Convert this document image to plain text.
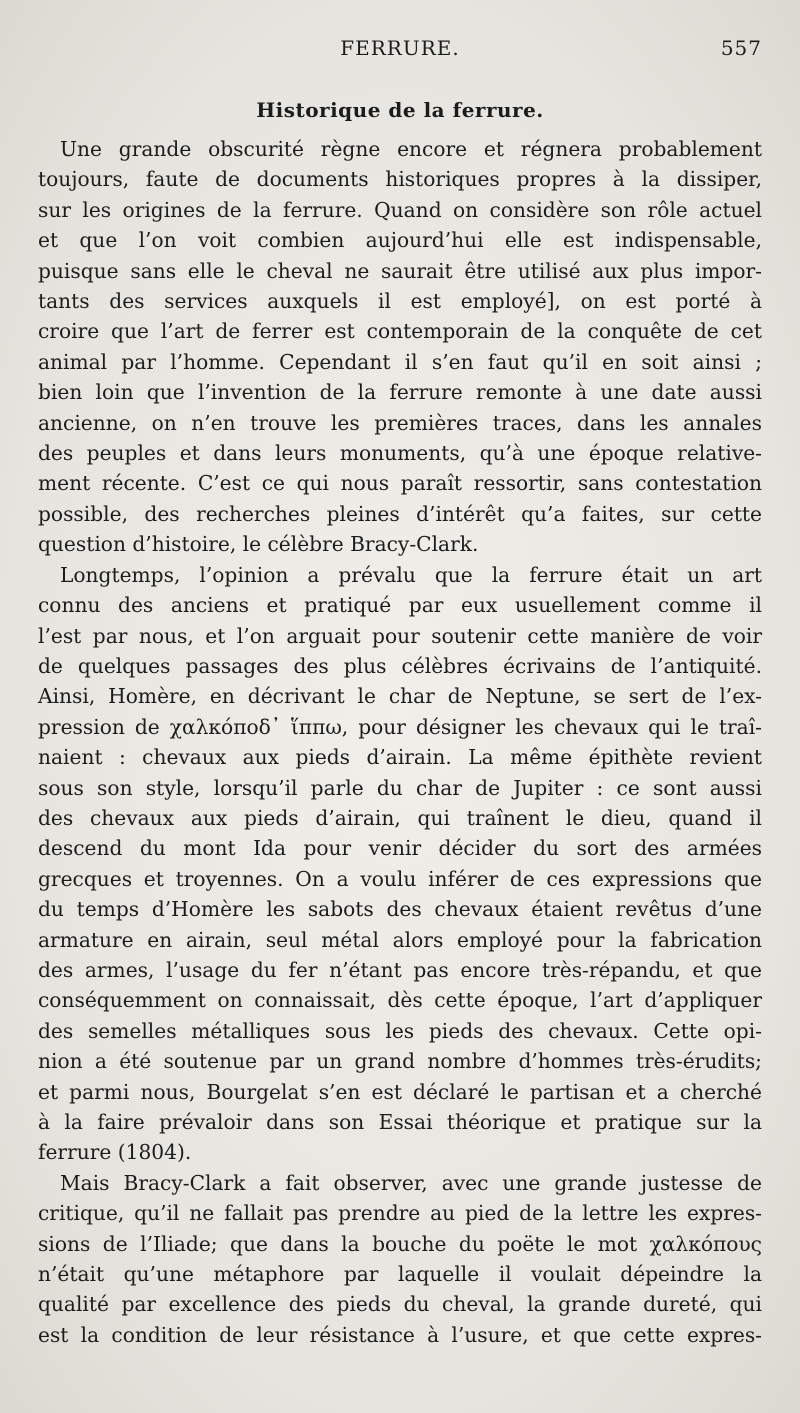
FERRURE.	557
Historique de la ferrure.

Une grande obscurité règne encore et régnera probablement

toujours, faute de documents historiques propres à la dissiper,

sur les origines de la ferrure. Quand on considère son rôle actuel

et que l’on voit combien aujourd’hui elle est indispensable,

puisque sans elle le cheval ne saurait être utilisé aux plus impor-

tants des services auxquels il est employé], on est porté à

croire que l’art de ferrer est contemporain de la conquête de cet

animal par l’homme. Cependant il s’en faut qu’il en soit ainsi ;

bien loin que l’invention de la ferrure remonte à une date aussi

ancienne, on n’en trouve les premières traces, dans les annales

des peuples et dans leurs monuments, qu’à une époque relative-

ment récente. C’est ce qui nous paraît ressortir, sans contestation

possible, des recherches pleines d’intérêt qu’a faites, sur cette

question d’histoire, le célèbre Bracy-Clark.

Longtemps, l’opinion a prévalu que la ferrure était un art

connu des anciens et pratiqué par eux usuellement comme il

l’est par nous, et l’on arguait pour soutenir cette manière de voir

de quelques passages des plus célèbres écrivains de l’antiquité.

Ainsi, Homère, en décrivant le char de Neptune, se sert de l’ex-

pression de χαλκόποδ᾽ ἵππω, pour désigner les chevaux qui le traî-

naient : chevaux aux pieds d’airain. La même épithète revient

sous son style, lorsqu’il parle du char de Jupiter : ce sont aussi

des chevaux aux pieds d’airain, qui traînent le dieu, quand il

descend du mont Ida pour venir décider du sort des armées

grecques et troyennes. On a voulu inférer de ces expressions que

du temps d’Homère les sabots des chevaux étaient revêtus d’une

armature en airain, seul métal alors employé pour la fabrication

des armes, l’usage du fer n’étant pas encore très-répandu, et que

conséquemment on connaissait, dès cette époque, l’art d’appliquer

des semelles métalliques sous les pieds des chevaux. Cette opi-

nion a été soutenue par un grand nombre d’hommes très-érudits;

et parmi nous, Bourgelat s’en est déclaré le partisan et a cherché

à la faire prévaloir dans son Essai théorique et pratique sur la

ferrure (1804).

Mais Bracy-Clark a fait observer, avec une grande justesse de

critique, qu’il ne fallait pas prendre au pied de la lettre les expres-

sions de l’Iliade; que dans la bouche du poëte le mot χαλκόπους

n’était qu’une métaphore par laquelle il voulait dépeindre la

qualité par excellence des pieds du cheval, la grande dureté, qui

est la condition de leur résistance à l’usure, et que cette expres-
